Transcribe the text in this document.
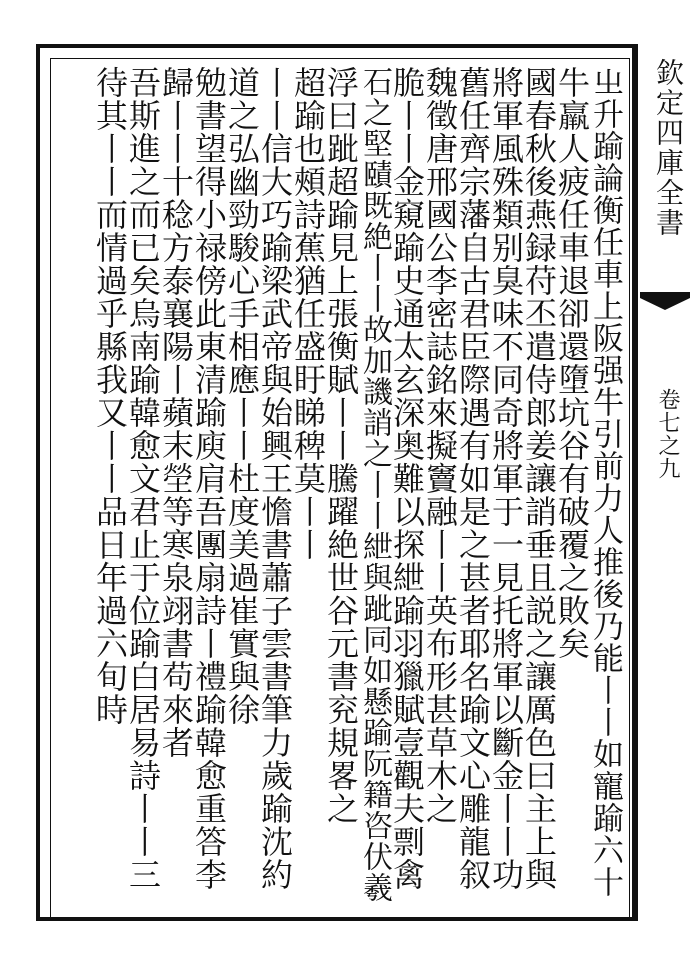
欽定四庫全書
卷七之九
㞢升踰論衡任車上阪强牛引前力人推後乃能丨丨如寵踰六十
牛羸人疲任車退卻還墮坑谷有破覆之敗矣
國春秋後燕録苻丕遣侍郎姜讓誚垂且説之讓厲色曰主上與
將軍風殊類别臭味不同奇將軍于一見托將軍以斷金丨丨功
舊任齊宗藩自古君臣際遇有如是之甚者耶名踰文心雕龍叙
魏徵唐邢國公李密誌銘來擬竇融丨丨英布形甚草木之
脆丨丨金窺踰史通太玄深奥難以探紲踰羽獵賦壹觀夫剽禽
石之堅賾既絶丨丨故加譏誚之丨丨紲與跐同如懸踰阮籍咨伏羲
浮曰跐超踰見上張衡賦丨丨騰躍絶世谷元書兖規畧之
超踰也頰詩蕉猶任盛盱睇稗莫丨丨
丨丨信大巧踰梁武帝與始興王憺書蕭子雲書筆力歲踰沈約
道之弘幽勁駿心手相應丨丨杜度美過崔實與徐
勉書望得小禄傍此東清踰庾肩吾團扇詩丨禮踰韓愈重答李
歸丨丨十稔方泰襄陽丨蘋末塋等寒泉翊書苟來者
吾斯進之而已矣烏南踰韓愈文君止于位踰白居易詩丨丨三
待其丨丨而情過乎縣我又丨丨品日年過六旬時
